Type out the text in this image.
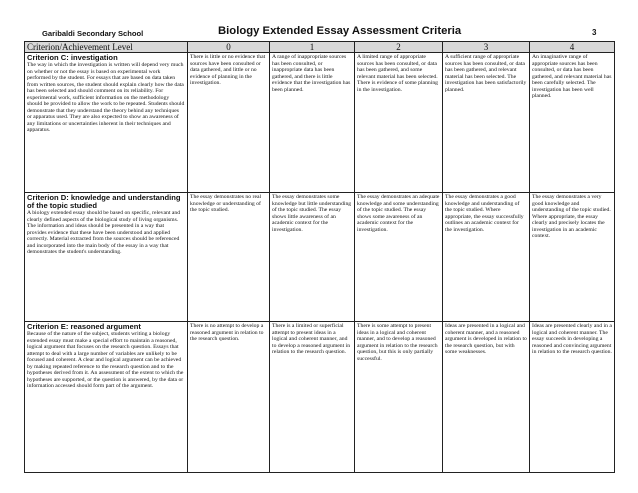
Garibaldi Secondary School	Biology Extended Essay Assessment Criteria	3
Criterion/Achievement Level	0	1	2	3	4

Criterion C: investigation
The way in which the investigation is written will depend very much on whether or not the essay is based on experimental work performed by the student. For essays that are based on data taken from written sources, the student should explain clearly how the data has been selected and should comment on its reliability. For experimental work, sufficient information on the methodology should be provided to allow the work to be repeated. Students should demonstrate that they understand the theory behind any techniques or apparatus used. They are also expected to show an awareness of any limitations or uncertainties inherent in their techniques and apparatus.	There is little or no evidence that sources have been consulted or data gathered, and little or no evidence of planning in the investigation.	A range of inappropriate sources has been consulted, or inappropriate data has been gathered, and there is little evidence that the investigation has been planned.	A limited range of appropriate sources has been consulted, or data has been gathered, and some relevant material has been selected. There is evidence of some planning in the investigation.	A sufficient range of appropriate sources has been consulted, or data has been gathered, and relevant material has been selected. The investigation has been satisfactorily planned.	An imaginative range of appropriate sources has been consulted, or data has been gathered, and relevant material has been carefully selected. The investigation has been well planned.

Criterion D: knowledge and understanding of the topic studied
A biology extended essay should be based on specific, relevant and clearly defined aspects of the biological study of living organisms. The information and ideas should be presented in a way that provides evidence that these have been understood and applied correctly. Material extracted from the sources should be referenced and incorporated into the main body of the essay in a way that demonstrates the student's understanding.	The essay demonstrates no real knowledge or understanding of the topic studied.	The essay demonstrates some knowledge but little understanding of the topic studied. The essay shows little awareness of an academic context for the investigation.	The essay demonstrates an adequate knowledge and some understanding of the topic studied. The essay shows some awareness of an academic context for the investigation.	The essay demonstrates a good knowledge and understanding of the topic studied. Where appropriate, the essay successfully outlines an academic context for the investigation.	The essay demonstrates a very good knowledge and understanding of the topic studied. Where appropriate, the essay clearly and precisely locates the investigation in an academic context.

Criterion E: reasoned argument
Because of the nature of the subject, students writing a biology extended essay must make a special effort to maintain a reasoned, logical argument that focuses on the research question. Essays that attempt to deal with a large number of variables are unlikely to be focused and coherent. A clear and logical argument can be achieved by making repeated reference to the research question and to the hypotheses derived from it. An assessment of the extent to which the hypotheses are supported, or the question is answered, by the data or information accessed should form part of the argument.	There is no attempt to develop a reasoned argument in relation to the research question.	There is a limited or superficial attempt to present ideas in a logical and coherent manner, and to develop a reasoned argument in relation to the research question.	There is some attempt to present ideas in a logical and coherent manner, and to develop a reasoned argument in relation to the research question, but this is only partially successful.	Ideas are presented in a logical and coherent manner, and a reasoned argument is developed in relation to the research question, but with some weaknesses.	Ideas are presented clearly and in a logical and coherent manner. The essay succeeds in developing a reasoned and convincing argument in relation to the research question.
